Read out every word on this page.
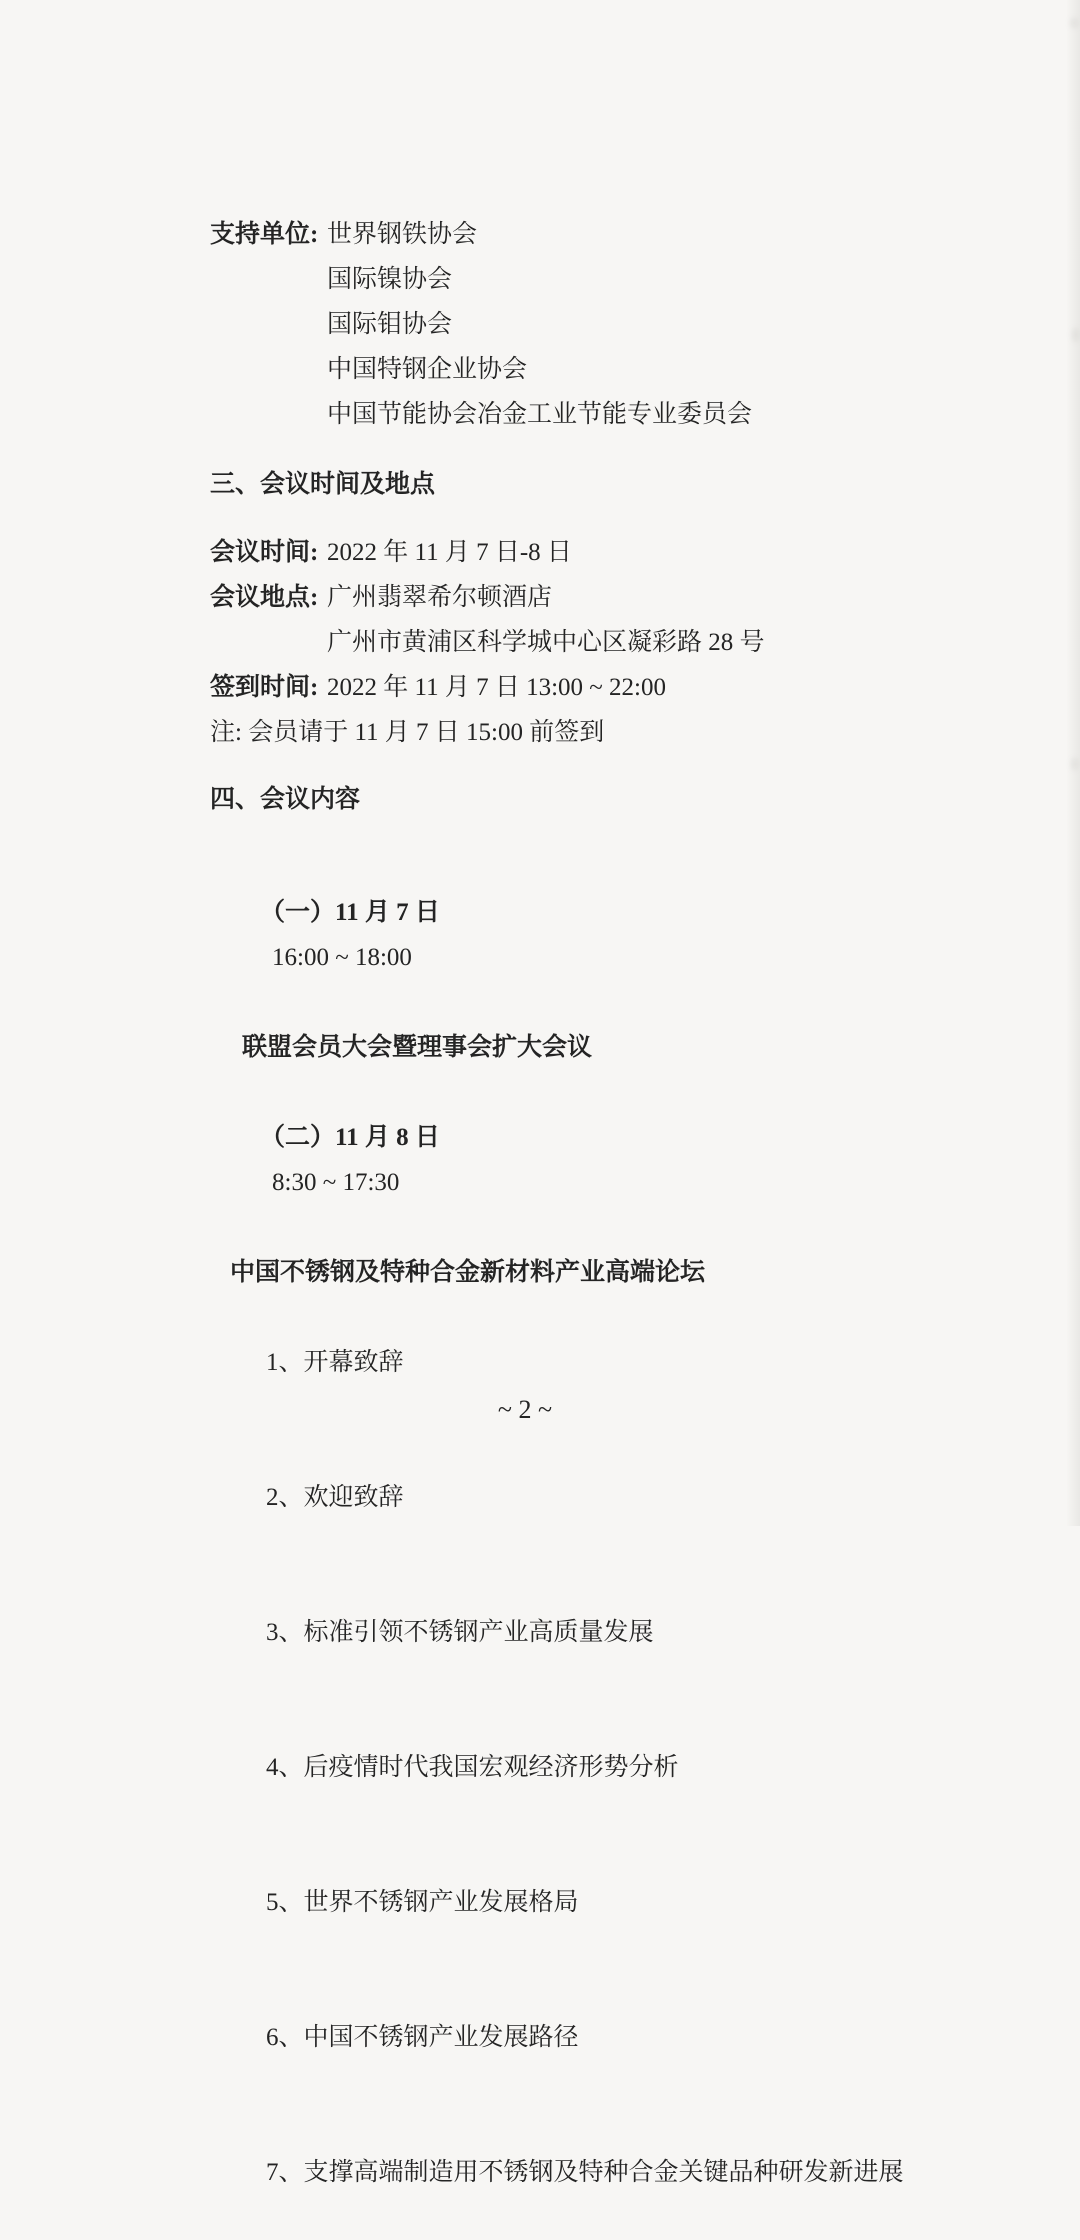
支持单位: 世界钢铁协会
国际镍协会
国际钼协会
中国特钢企业协会
中国节能协会冶金工业节能专业委员会
三、会议时间及地点
会议时间: 2022 年 11 月 7 日-8 日
会议地点: 广州翡翠希尔顿酒店
广州市黄浦区科学城中心区凝彩路 28 号
签到时间: 2022 年 11 月 7 日 13:00 ~ 22:00
注: 会员请于 11 月 7 日 15:00 前签到
四、会议内容

（一）11 月 7 日
16:00 ~ 18:00

联盟会员大会暨理事会扩大会议

（二）11 月 8 日
8:30 ~ 17:30

中国不锈钢及特种合金新材料产业高端论坛

1、开幕致辞

2、欢迎致辞

3、标准引领不锈钢产业高质量发展

4、后疫情时代我国宏观经济形势分析

5、世界不锈钢产业发展格局

6、中国不锈钢产业发展路径

7、支撑高端制造用不锈钢及特种合金关键品种研发新进展

~ 2 ~
